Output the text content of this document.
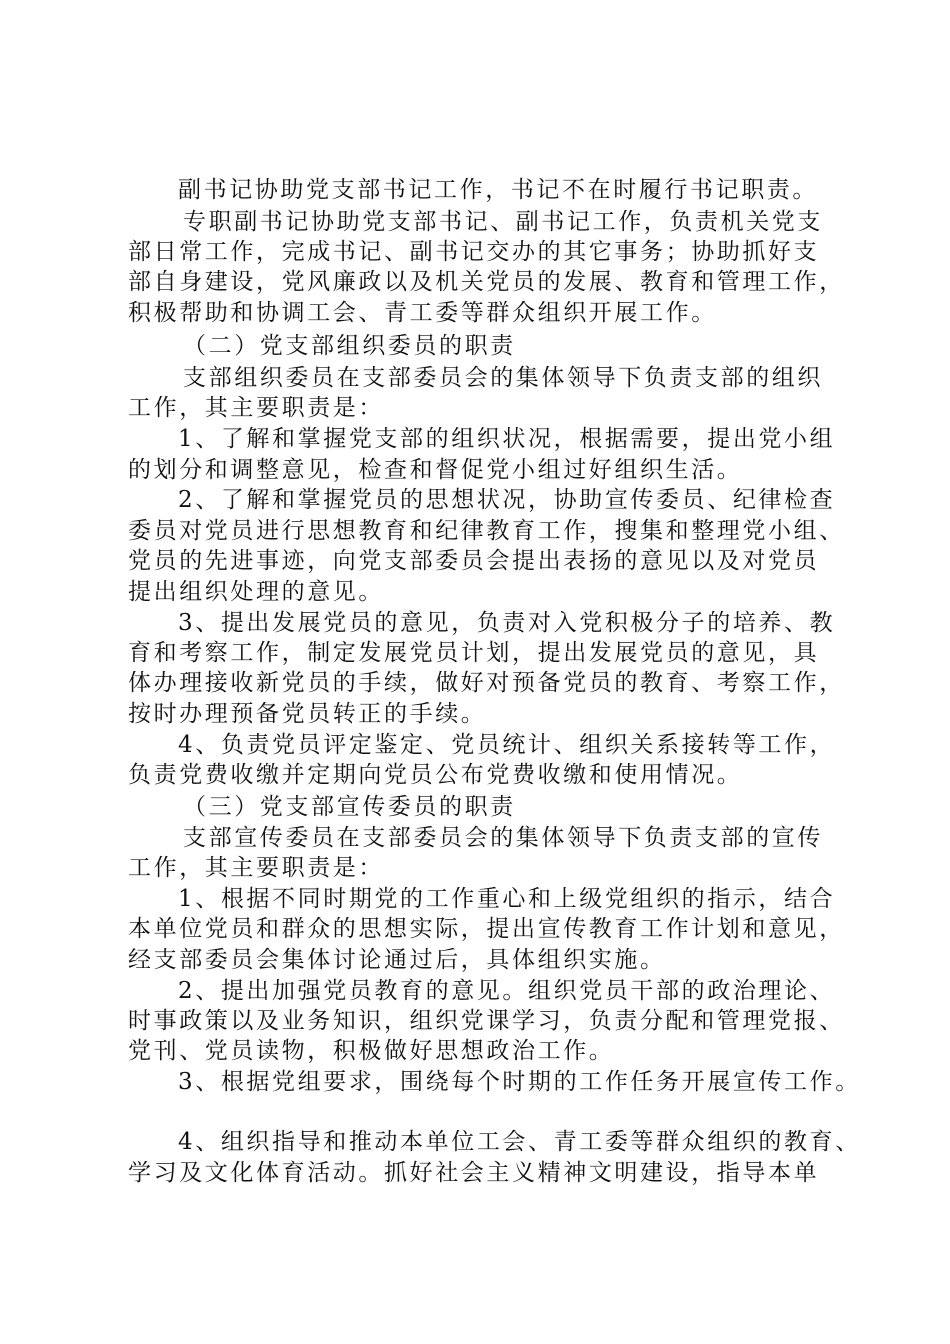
副书记协助党支部书记工作，书记不在时履行书记职责。
专职副书记协助党支部书记、副书记工作，负责机关党支
部日常工作，完成书记、副书记交办的其它事务；协助抓好支
部自身建设，党风廉政以及机关党员的发展、教育和管理工作，
积极帮助和协调工会、青工委等群众组织开展工作。
（二）党支部组织委员的职责
支部组织委员在支部委员会的集体领导下负责支部的组织
工作，其主要职责是：
1、了解和掌握党支部的组织状况，根据需要，提出党小组
的划分和调整意见，检查和督促党小组过好组织生活。
2、了解和掌握党员的思想状况，协助宣传委员、纪律检查
委员对党员进行思想教育和纪律教育工作，搜集和整理党小组、
党员的先进事迹，向党支部委员会提出表扬的意见以及对党员
提出组织处理的意见。
3、提出发展党员的意见，负责对入党积极分子的培养、教
育和考察工作，制定发展党员计划，提出发展党员的意见，具
体办理接收新党员的手续，做好对预备党员的教育、考察工作，
按时办理预备党员转正的手续。
4、负责党员评定鉴定、党员统计、组织关系接转等工作，
负责党费收缴并定期向党员公布党费收缴和使用情况。
（三）党支部宣传委员的职责
支部宣传委员在支部委员会的集体领导下负责支部的宣传
工作，其主要职责是：
1、根据不同时期党的工作重心和上级党组织的指示，结合
本单位党员和群众的思想实际，提出宣传教育工作计划和意见，
经支部委员会集体讨论通过后，具体组织实施。
2、提出加强党员教育的意见。组织党员干部的政治理论、
时事政策以及业务知识，组织党课学习，负责分配和管理党报、
党刊、党员读物，积极做好思想政治工作。
3、根据党组要求，围绕每个时期的工作任务开展宣传工作。
4、组织指导和推动本单位工会、青工委等群众组织的教育、
学习及文化体育活动。抓好社会主义精神文明建设，指导本单
